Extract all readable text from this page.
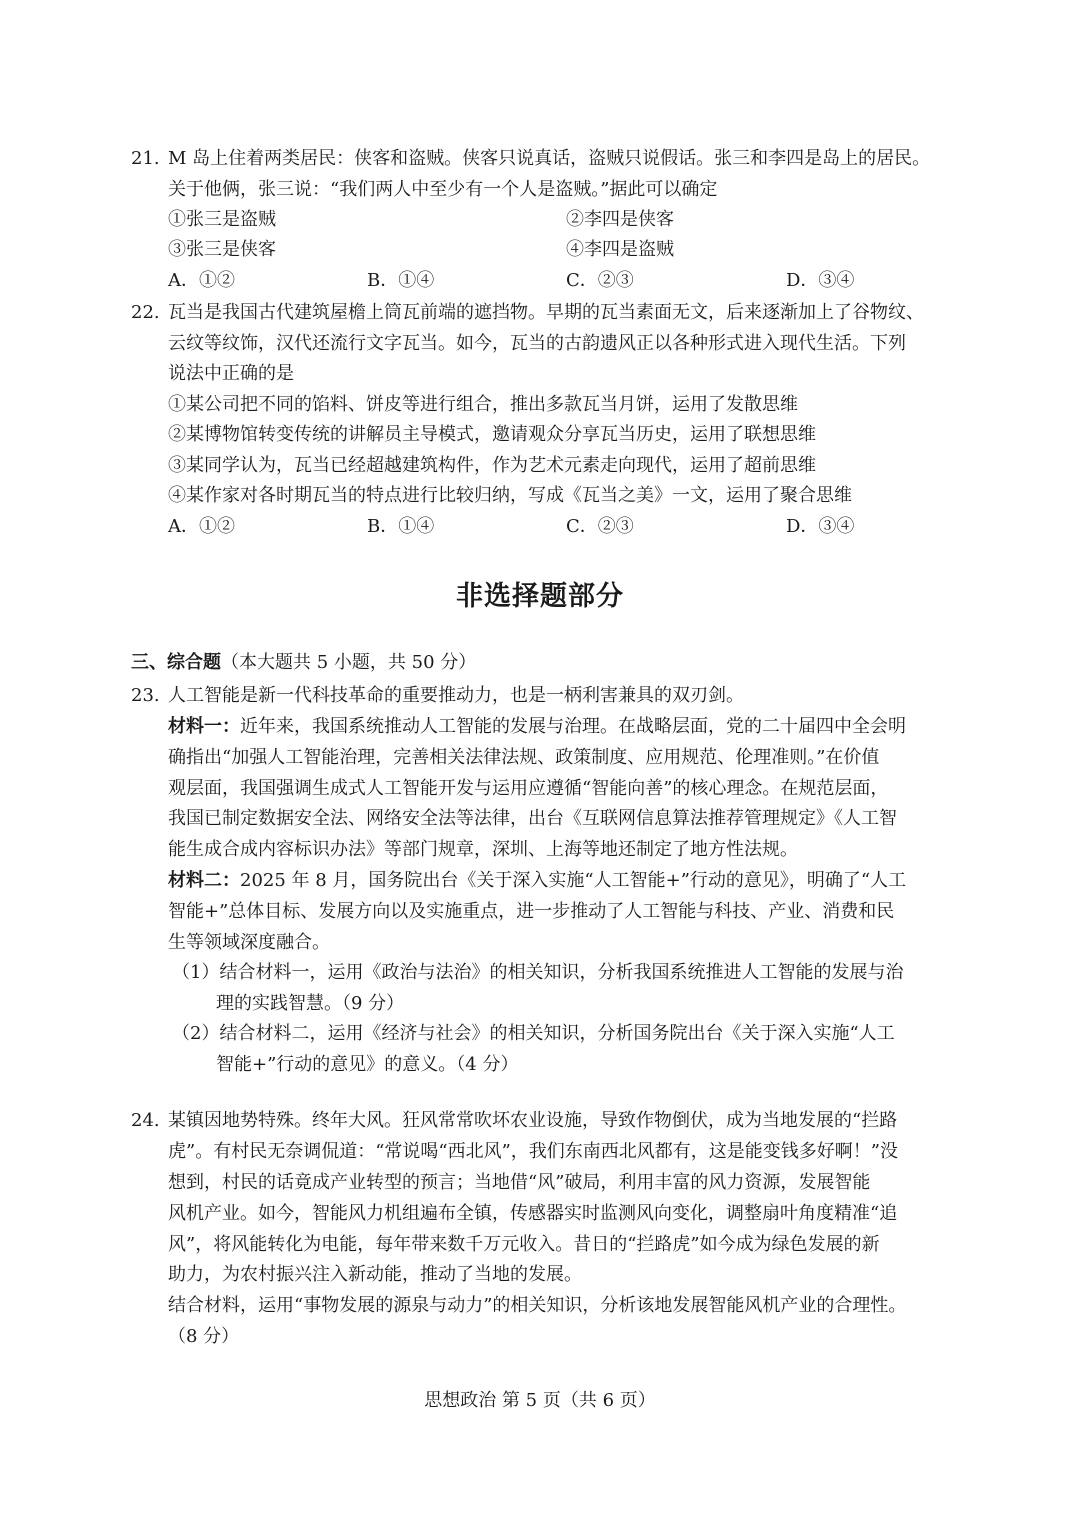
21. M 岛上住着两类居民：侠客和盗贼。侠客只说真话，盗贼只说假话。张三和李四是岛上的居民。
关于他俩，张三说：“我们两人中至少有一个人是盗贼。”据此可以确定
①张三是盗贼	②李四是侠客
③张三是侠客	④李四是盗贼
A．①②	B．①④	C．②③	D．③④
22. 瓦当是我国古代建筑屋檐上筒瓦前端的遮挡物。早期的瓦当素面无文，后来逐渐加上了谷物纹、
云纹等纹饰，汉代还流行文字瓦当。如今，瓦当的古韵遗风正以各种形式进入现代生活。下列
说法中正确的是
①某公司把不同的馅料、饼皮等进行组合，推出多款瓦当月饼，运用了发散思维
②某博物馆转变传统的讲解员主导模式，邀请观众分享瓦当历史，运用了联想思维
③某同学认为，瓦当已经超越建筑构件，作为艺术元素走向现代，运用了超前思维
④某作家对各时期瓦当的特点进行比较归纳，写成《瓦当之美》一文，运用了聚合思维
A．①②	B．①④	C．②③	D．③④
非选择题部分
三、综合题（本大题共 5 小题，共 50 分）
23. 人工智能是新一代科技革命的重要推动力，也是一柄利害兼具的双刃剑。
材料一：近年来，我国系统推动人工智能的发展与治理。在战略层面，党的二十届四中全会明
确指出“加强人工智能治理，完善相关法律法规、政策制度、应用规范、伦理准则。”在价值
观层面，我国强调生成式人工智能开发与运用应遵循“智能向善”的核心理念。在规范层面，
我国已制定数据安全法、网络安全法等法律，出台《互联网信息算法推荐管理规定》《人工智
能生成合成内容标识办法》等部门规章，深圳、上海等地还制定了地方性法规。
材料二：2025 年 8 月，国务院出台《关于深入实施“人工智能+”行动的意见》，明确了“人工
智能+”总体目标、发展方向以及实施重点，进一步推动了人工智能与科技、产业、消费和民
生等领域深度融合。
（1）结合材料一，运用《政治与法治》的相关知识，分析我国系统推进人工智能的发展与治
理的实践智慧。（9 分）
（2）结合材料二，运用《经济与社会》的相关知识，分析国务院出台《关于深入实施“人工
智能+”行动的意见》的意义。（4 分）
24. 某镇因地势特殊。终年大风。狂风常常吹坏农业设施，导致作物倒伏，成为当地发展的“拦路
虎”。有村民无奈调侃道：“常说喝“西北风”，我们东南西北风都有，这是能变钱多好啊！”没
想到，村民的话竟成产业转型的预言；当地借“风”破局，利用丰富的风力资源，发展智能
风机产业。如今，智能风力机组遍布全镇，传感器实时监测风向变化，调整扇叶角度精准“追
风”，将风能转化为电能，每年带来数千万元收入。昔日的“拦路虎”如今成为绿色发展的新
助力，为农村振兴注入新动能，推动了当地的发展。
结合材料，运用“事物发展的源泉与动力”的相关知识，分析该地发展智能风机产业的合理性。
（8 分）
思想政治 第 5 页（共 6 页）
